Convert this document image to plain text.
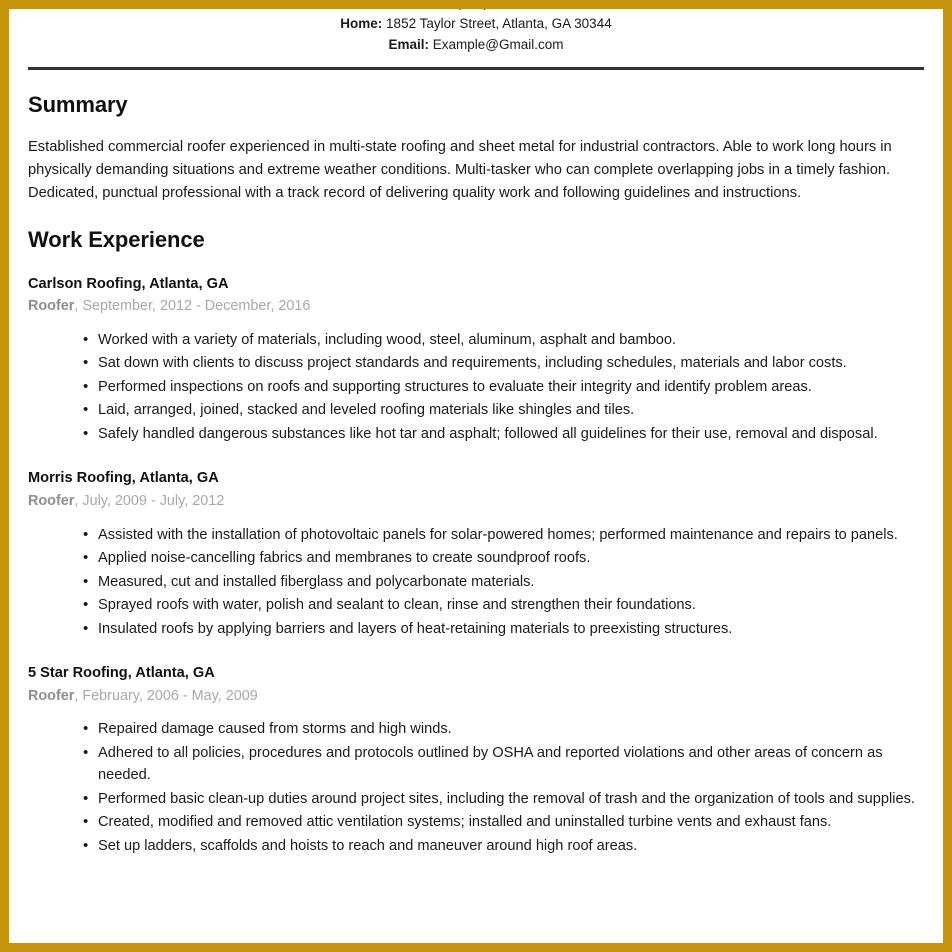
Phone: (555)754-9008
Home: 1852 Taylor Street, Atlanta, GA 30344
Email: Example@Gmail.com
Summary

Established commercial roofer experienced in multi-state roofing and sheet metal for industrial contractors. Able to work long hours in physically demanding situations and extreme weather conditions. Multi-tasker who can complete overlapping jobs in a timely fashion. Dedicated, punctual professional with a track record of delivering quality work and following guidelines and instructions.

Work Experience

Carlson Roofing, Atlanta, GA

Roofer, September, 2012 - December, 2016

• Worked with a variety of materials, including wood, steel, aluminum, asphalt and bamboo.
• Sat down with clients to discuss project standards and requirements, including schedules, materials and labor costs.
• Performed inspections on roofs and supporting structures to evaluate their integrity and identify problem areas.
• Laid, arranged, joined, stacked and leveled roofing materials like shingles and tiles.
• Safely handled dangerous substances like hot tar and asphalt; followed all guidelines for their use, removal and disposal.

Morris Roofing, Atlanta, GA

Roofer, July, 2009 - July, 2012

• Assisted with the installation of photovoltaic panels for solar-powered homes; performed maintenance and repairs to panels.
• Applied noise-cancelling fabrics and membranes to create soundproof roofs.
• Measured, cut and installed fiberglass and polycarbonate materials.
• Sprayed roofs with water, polish and sealant to clean, rinse and strengthen their foundations.
• Insulated roofs by applying barriers and layers of heat-retaining materials to preexisting structures.

5 Star Roofing, Atlanta, GA

Roofer, February, 2006 - May, 2009

• Repaired damage caused from storms and high winds.
• Adhered to all policies, procedures and protocols outlined by OSHA and reported violations and other areas of concern as needed.
• Performed basic clean-up duties around project sites, including the removal of trash and the organization of tools and supplies.
• Created, modified and removed attic ventilation systems; installed and uninstalled turbine vents and exhaust fans.
• Set up ladders, scaffolds and hoists to reach and maneuver around high roof areas.
